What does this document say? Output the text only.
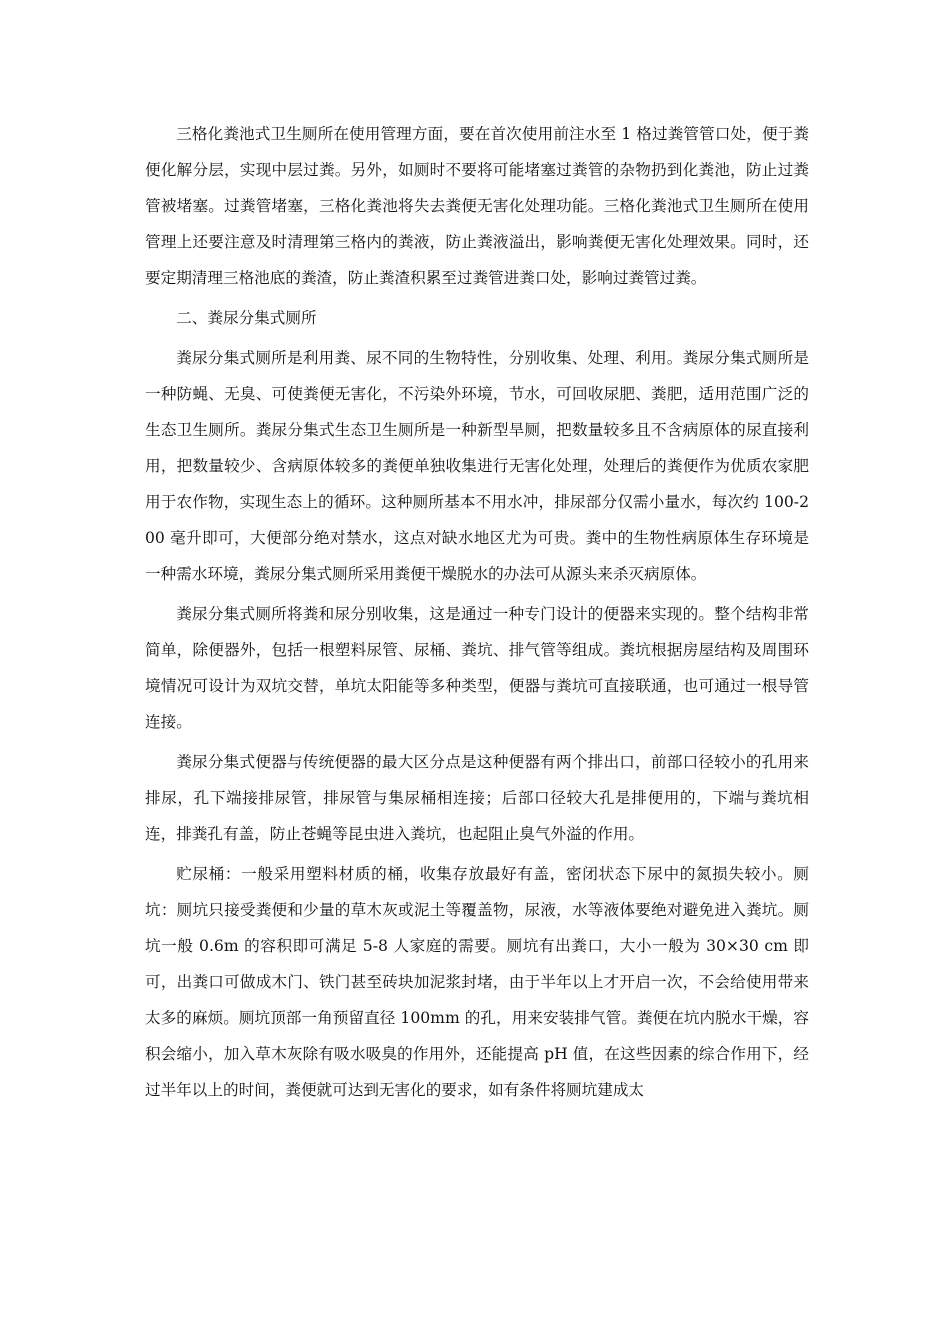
三格化粪池式卫生厕所在使用管理方面，要在首次使用前注水至 1 格过粪管管口处，便于粪便化解分层，实现中层过粪。另外，如厕时不要将可能堵塞过粪管的杂物扔到化粪池，防止过粪管被堵塞。过粪管堵塞，三格化粪池将失去粪便无害化处理功能。三格化粪池式卫生厕所在使用管理上还要注意及时清理第三格内的粪液，防止粪液溢出，影响粪便无害化处理效果。同时，还要定期清理三格池底的粪渣，防止粪渣积累至过粪管进粪口处，影响过粪管过粪。

二、粪尿分集式厕所

粪尿分集式厕所是利用粪、尿不同的生物特性，分别收集、处理、利用。粪尿分集式厕所是一种防蝇、无臭、可使粪便无害化，不污染外环境，节水，可回收尿肥、粪肥，适用范围广泛的生态卫生厕所。粪尿分集式生态卫生厕所是一种新型旱厕，把数量较多且不含病原体的尿直接利用，把数量较少、含病原体较多的粪便单独收集进行无害化处理，处理后的粪便作为优质农家肥用于农作物，实现生态上的循环。这种厕所基本不用水冲，排尿部分仅需小量水，每次约 100-200 毫升即可，大便部分绝对禁水，这点对缺水地区尤为可贵。粪中的生物性病原体生存环境是一种需水环境，粪尿分集式厕所采用粪便干燥脱水的办法可从源头来杀灭病原体。

粪尿分集式厕所将粪和尿分别收集，这是通过一种专门设计的便器来实现的。整个结构非常简单，除便器外，包括一根塑料尿管、尿桶、粪坑、排气管等组成。粪坑根据房屋结构及周围环境情况可设计为双坑交替，单坑太阳能等多种类型，便器与粪坑可直接联通，也可通过一根导管连接。

粪尿分集式便器与传统便器的最大区分点是这种便器有两个排出口，前部口径较小的孔用来排尿，孔下端接排尿管，排尿管与集尿桶相连接；后部口径较大孔是排便用的，下端与粪坑相连，排粪孔有盖，防止苍蝇等昆虫进入粪坑，也起阻止臭气外溢的作用。

贮尿桶：一般采用塑料材质的桶，收集存放最好有盖，密闭状态下尿中的氮损失较小。厕坑：厕坑只接受粪便和少量的草木灰或泥土等覆盖物，尿液，水等液体要绝对避免进入粪坑。厕坑一般 0.6m 的容积即可满足 5-8 人家庭的需要。厕坑有出粪口，大小一般为 30×30 cm 即可，出粪口可做成木门、铁门甚至砖块加泥浆封堵，由于半年以上才开启一次，不会给使用带来太多的麻烦。厕坑顶部一角预留直径 100mm 的孔，用来安装排气管。粪便在坑内脱水干燥，容积会缩小，加入草木灰除有吸水吸臭的作用外，还能提高 pH 值，在这些因素的综合作用下，经过半年以上的时间，粪便就可达到无害化的要求，如有条件将厕坑建成太
